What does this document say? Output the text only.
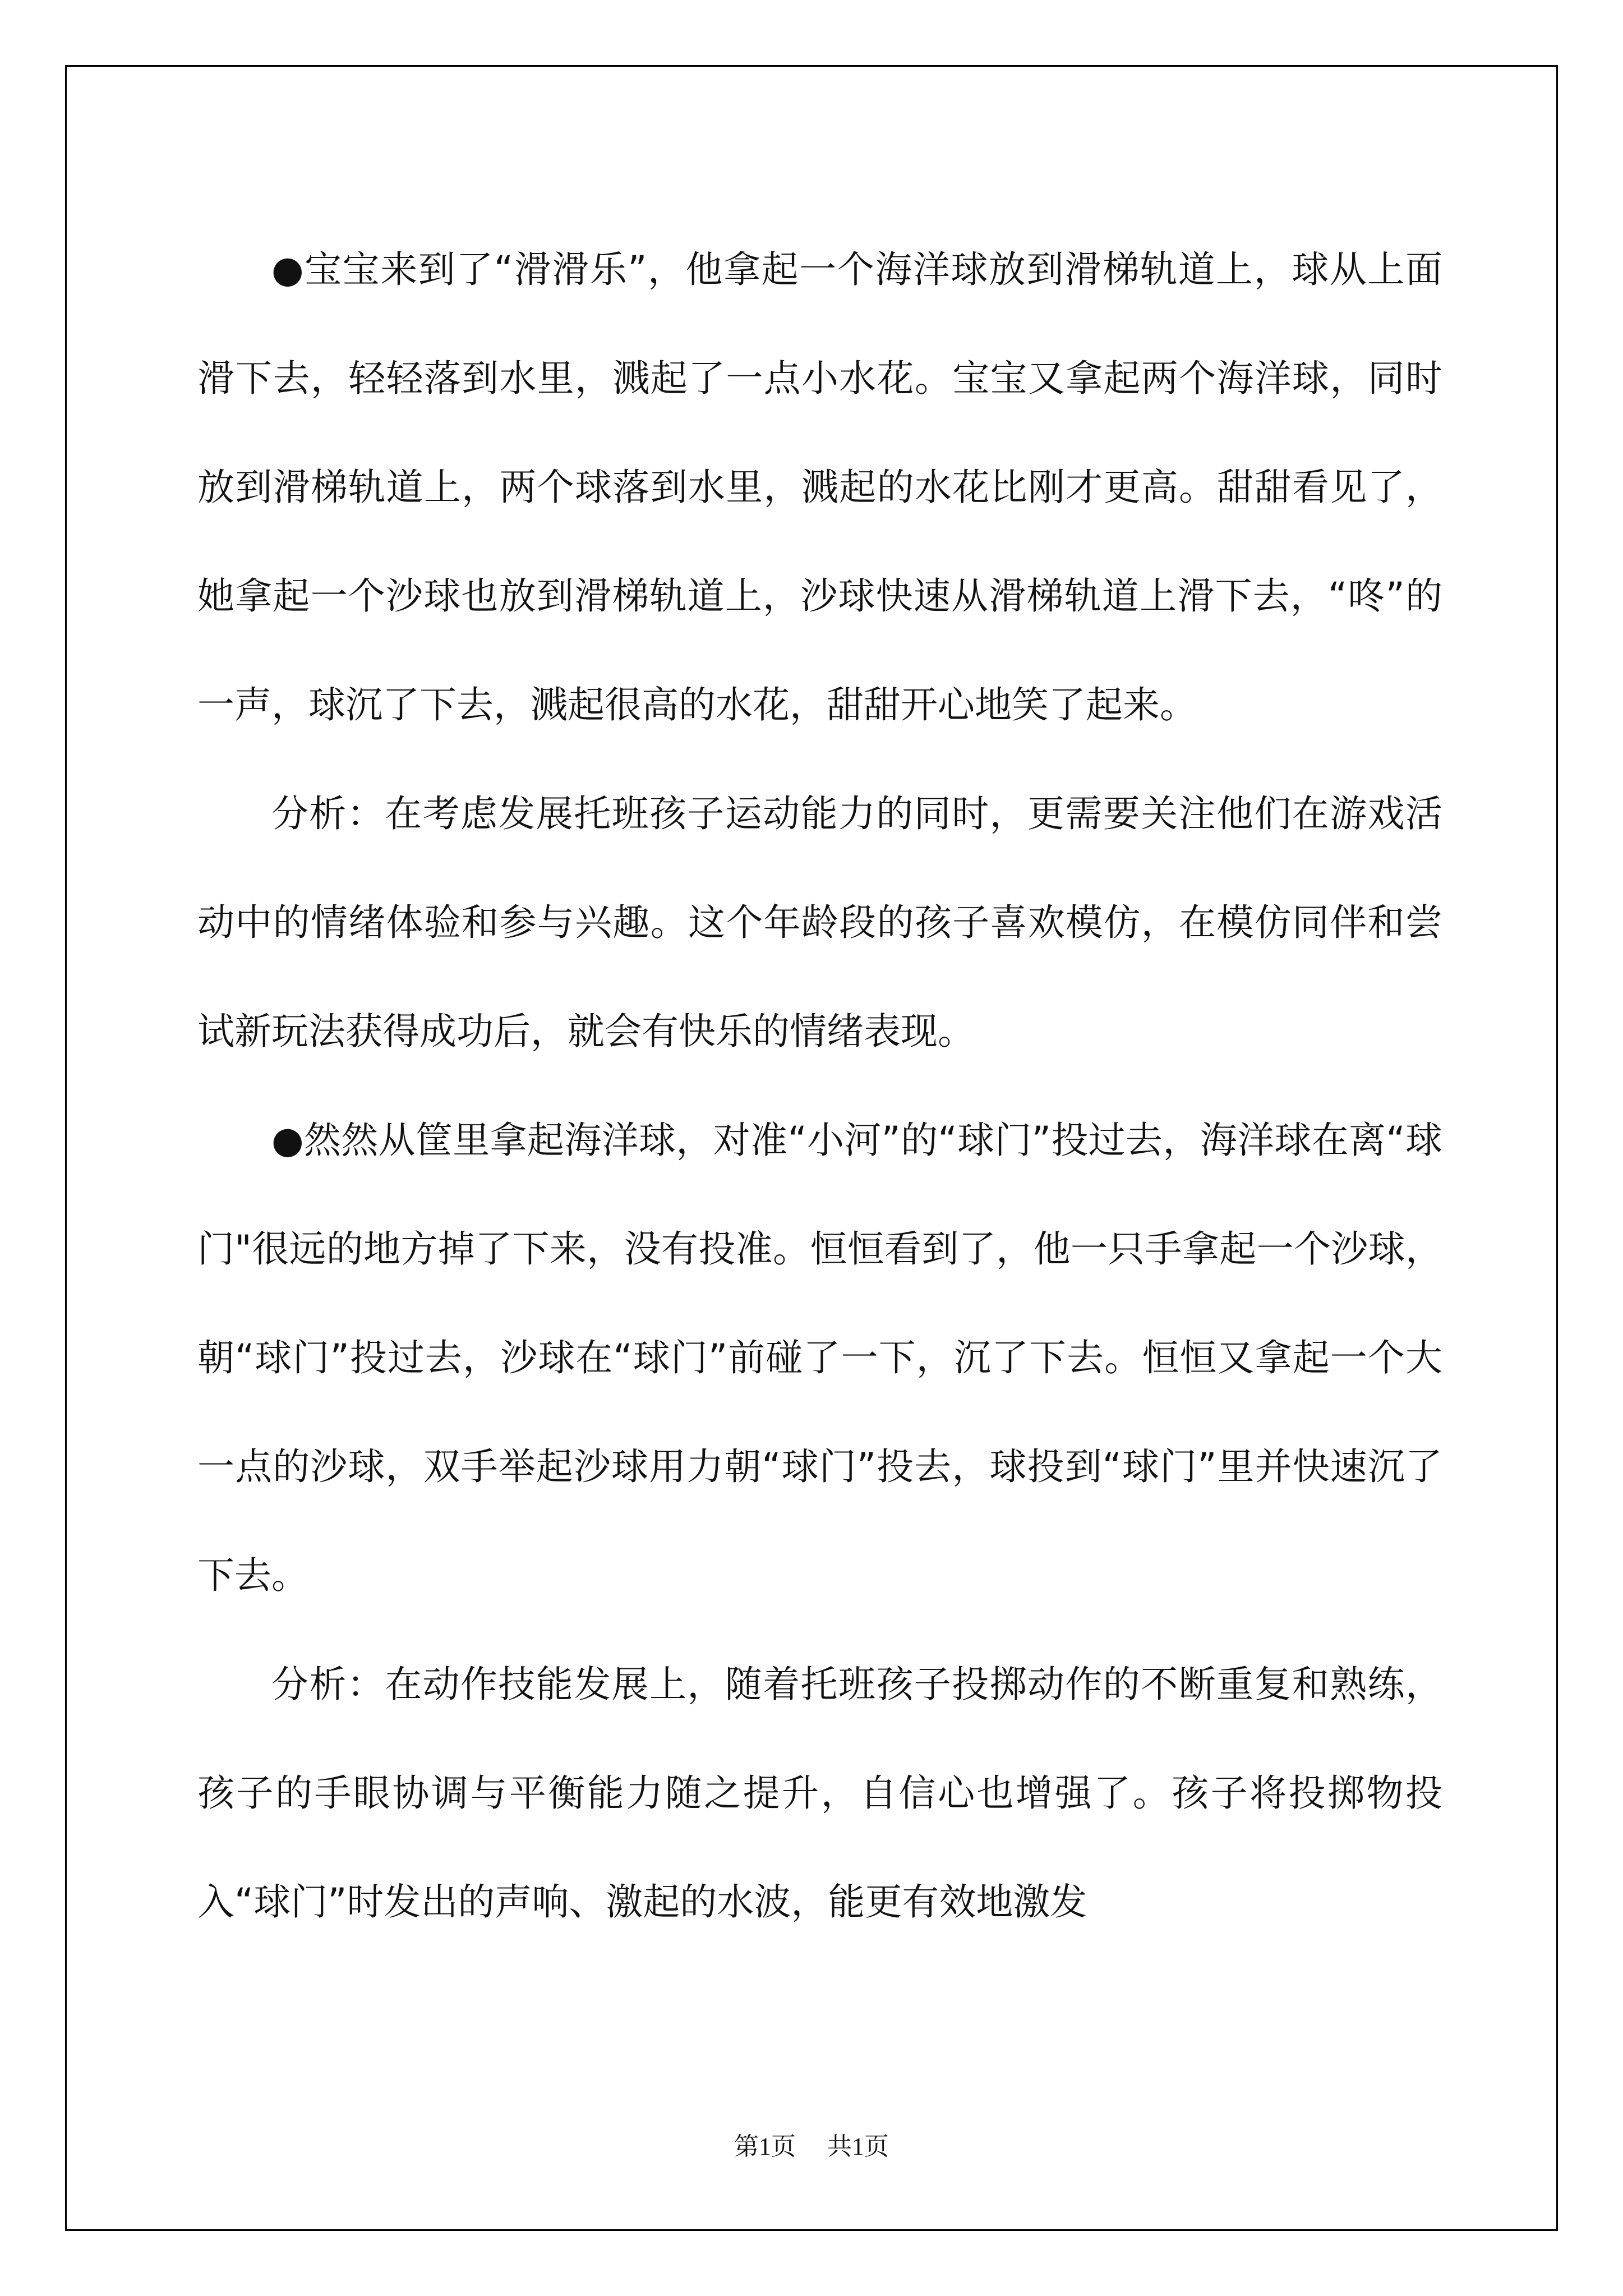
●宝宝来到了“滑滑乐”，他拿起一个海洋球放到滑梯轨道上，球从上面滑下去，轻轻落到水里，溅起了一点小水花。宝宝又拿起两个海洋球，同时放到滑梯轨道上，两个球落到水里，溅起的水花比刚才更高。甜甜看见了，她拿起一个沙球也放到滑梯轨道上，沙球快速从滑梯轨道上滑下去，“咚”的一声，球沉了下去，溅起很高的水花，甜甜开心地笑了起来。

分析：在考虑发展托班孩子运动能力的同时，更需要关注他们在游戏活动中的情绪体验和参与兴趣。这个年龄段的孩子喜欢模仿，在模仿同伴和尝试新玩法获得成功后，就会有快乐的情绪表现。

●然然从筐里拿起海洋球，对准“小河”的“球门”投过去，海洋球在离“球门"很远的地方掉了下来，没有投准。恒恒看到了，他一只手拿起一个沙球，朝“球门”投过去，沙球在“球门”前碰了一下，沉了下去。恒恒又拿起一个大一点的沙球，双手举起沙球用力朝“球门”投去，球投到“球门”里并快速沉了下去。

分析：在动作技能发展上，随着托班孩子投掷动作的不断重复和熟练，孩子的手眼协调与平衡能力随之提升，自信心也增强了。孩子将投掷物投入“球门”时发出的声响、激起的水波，能更有效地激发

第1页 共1页
